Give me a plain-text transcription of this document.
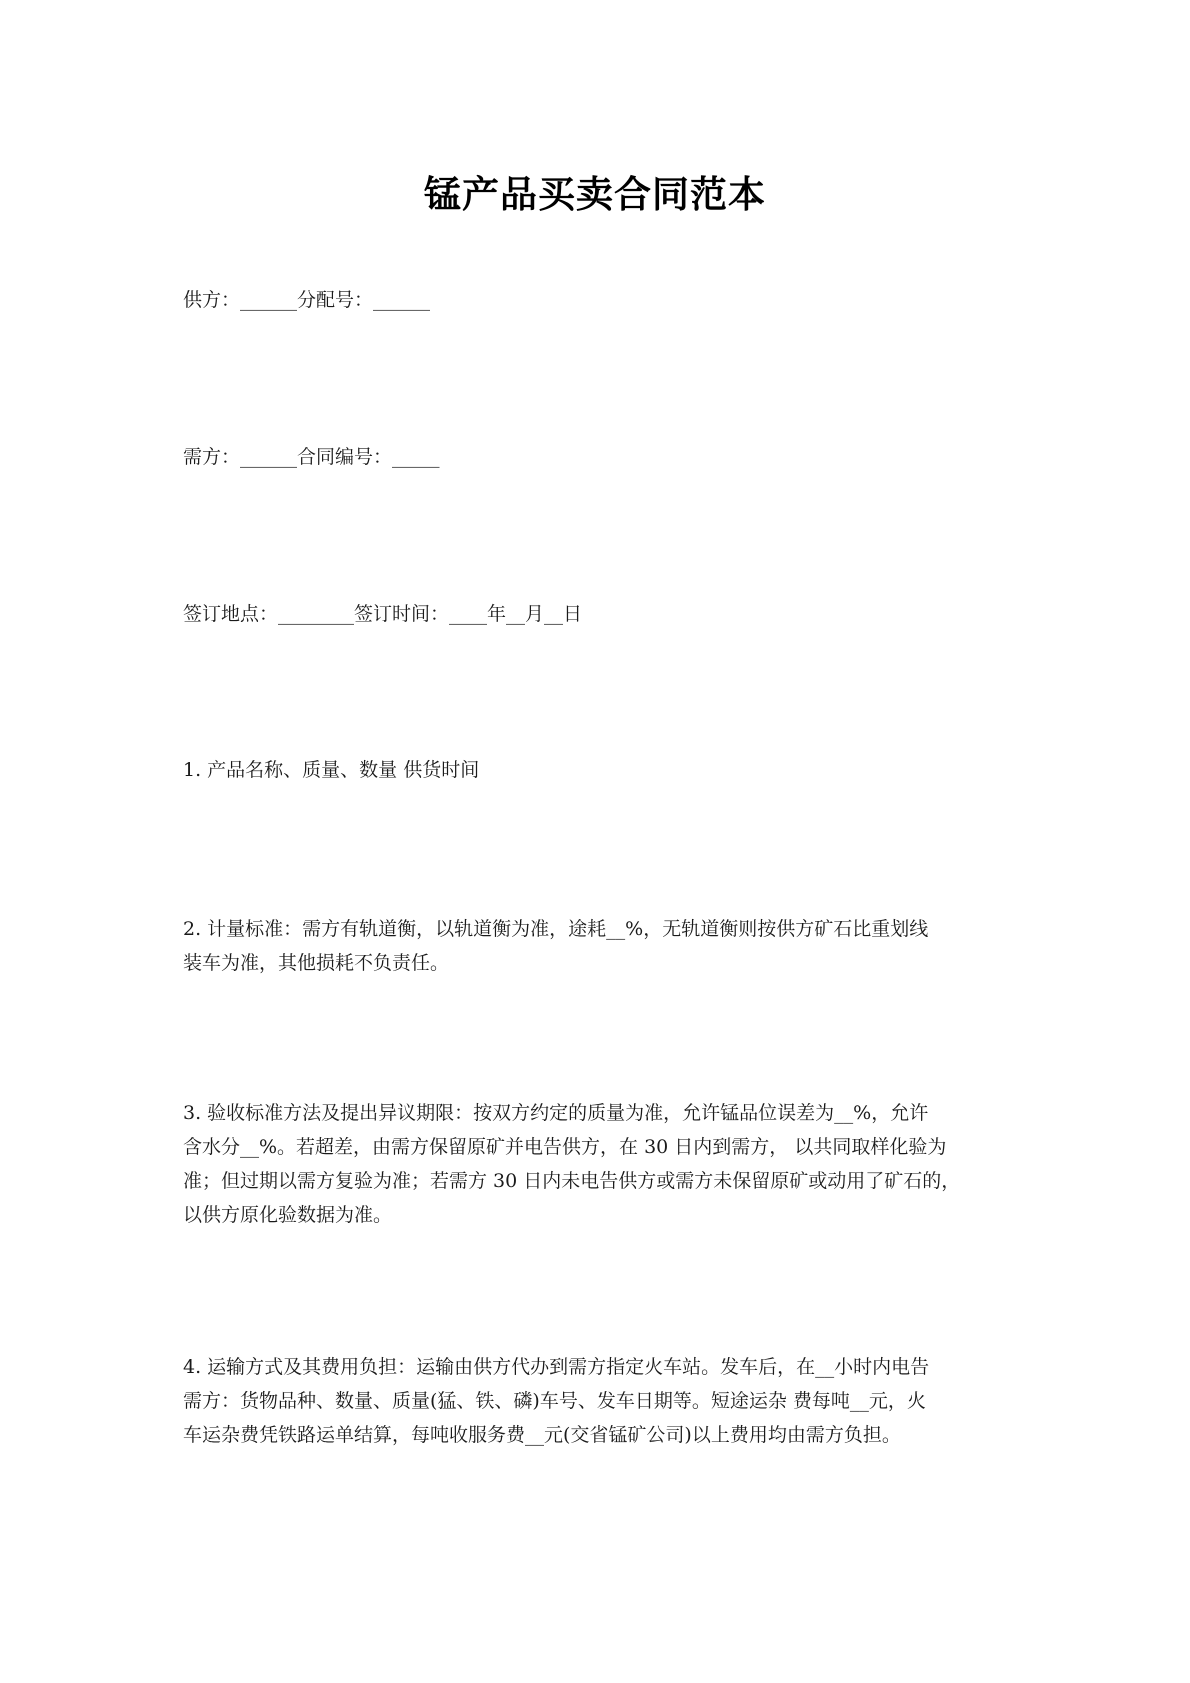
锰产品买卖合同范本

供方：______分配号：______

需方：______合同编号：_____

签订地点：________签订时间：____年__月__日

1. 产品名称、质量、数量 供货时间

2. 计量标准：需方有轨道衡，以轨道衡为准，途耗__%，无轨道衡则按供方矿石比重划线
装车为准，其他损耗不负责任。

3. 验收标准方法及提出异议期限：按双方约定的质量为准，允许锰品位误差为__%，允许
含水分__%。若超差，由需方保留原矿并电告供方，在 30 日内到需方， 以共同取样化验为
准；但过期以需方复验为准；若需方 30 日内未电告供方或需方未保留原矿或动用了矿石的，
以供方原化验数据为准。

4. 运输方式及其费用负担：运输由供方代办到需方指定火车站。发车后，在__小时内电告
需方：货物品种、数量、质量(猛、铁、磷)车号、发车日期等。短途运杂 费每吨__元，火
车运杂费凭铁路运单结算，每吨收服务费__元(交省锰矿公司)以上费用均由需方负担。
